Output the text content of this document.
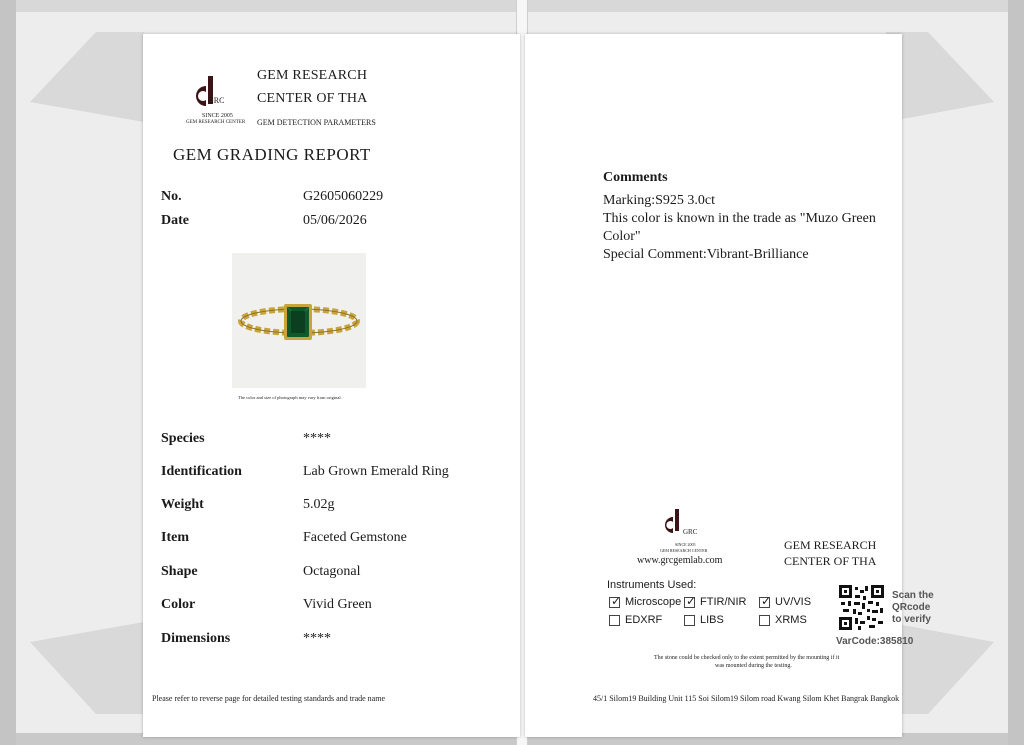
GRC
SINCE 2005
GEM RESEARCH CENTER
GEM RESEARCH
CENTER OF THA
GEM DETECTION PARAMETERS
GEM GRADING REPORT
No.	G2605060229
Date	05/06/2026
The color and size of photograph may vary from original.
Species	****
Identification	Lab Grown Emerald Ring
Weight	5.02g
Item	Faceted Gemstone
Shape	Octagonal
Color	Vivid Green
Dimensions	****
Please refer to reverse page for detailed testing standards and trade name
Comments
Marking:S925 3.0ct
This color is known in the trade as "Muzo Green
Color"
Special Comment:Vibrant-Brilliance
GRC
SINCE 2005
GEM RESEARCH CENTER
www.grcgemlab.com
GEM RESEARCH
CENTER OF THA
Instruments Used:
✓ Microscope ✓ FTIR/NIR ✓ UV/VIS
EDXRF	LIBS	XRMS
Scan the
QRcode
to verify
VarCode:385810
The stone could be checked only to the extent permitted by the mounting if it
was mounted during the testing.
45/1 Silom19 Building Unit 115 Soi Silom19 Silom road Kwang Silom Khet Bangrak Bangkok
